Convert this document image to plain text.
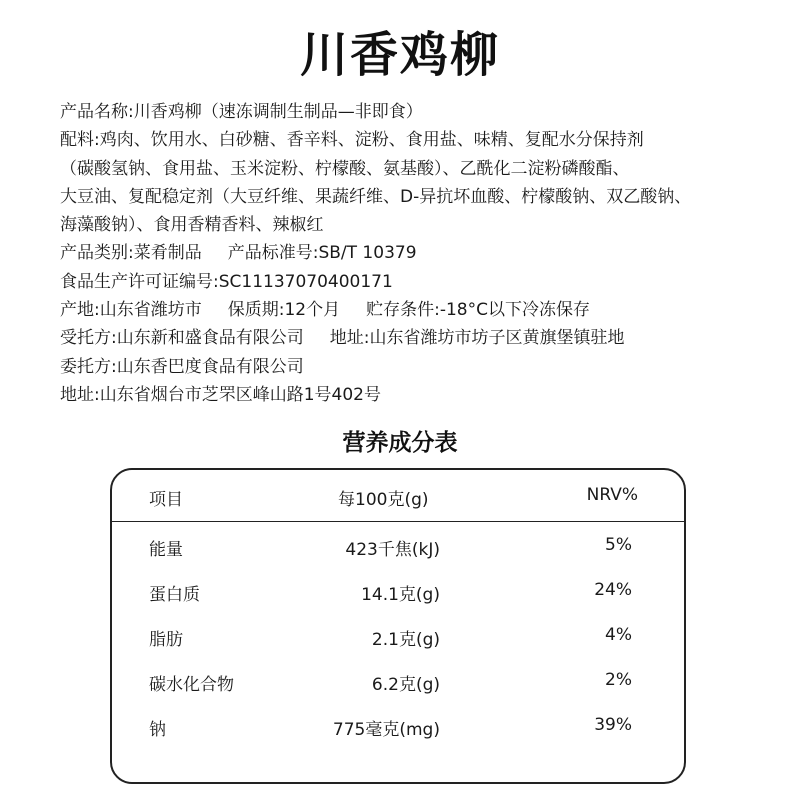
川香鸡柳
产品名称:川香鸡柳（速冻调制生制品—非即食）
配料:鸡肉、饮用水、白砂糖、香辛料、淀粉、食用盐、味精、复配水分保持剂
（碳酸氢钠、食用盐、玉米淀粉、柠檬酸、氨基酸）、乙酰化二淀粉磷酸酯、
大豆油、复配稳定剂（大豆纤维、果蔬纤维、D-异抗坏血酸、柠檬酸钠、双乙酸钠、
海藻酸钠）、食用香精香料、辣椒红
产品类别:菜肴制品 产品标准号:SB/T 10379
食品生产许可证编号:SC11137070400171
产地:山东省潍坊市 保质期:12个月 贮存条件:-18°C以下冷冻保存
受托方:山东新和盛食品有限公司 地址:山东省潍坊市坊子区黄旗堡镇驻地
委托方:山东香巴度食品有限公司
地址:山东省烟台市芝罘区峰山路1号402号
营养成分表
项目	每100克(g)	NRV%
能量	423千焦(kJ)	5%
蛋白质	14.1克(g)	24%
脂肪	2.1克(g)	4%
碳水化合物	6.2克(g)	2%
钠	775毫克(mg)	39%
